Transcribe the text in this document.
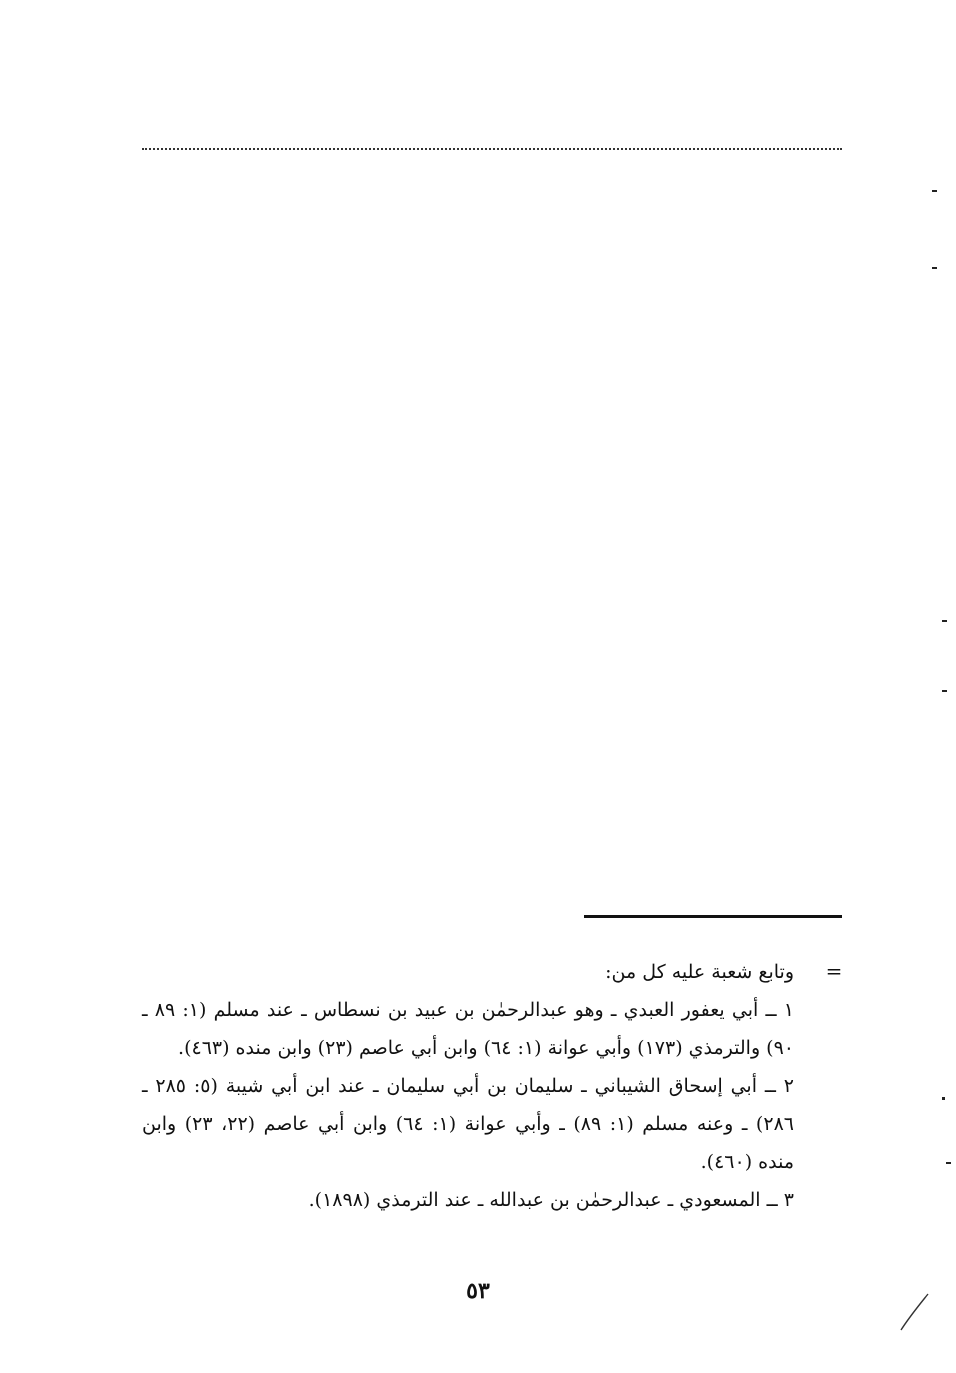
=

وتابع شعبة عليه كل من:

١ ــ أبي يعفور العبدي ـ وهو عبدالرحمٰن بن عبيد بن نسطاس ـ عند مسلم (١: ٨٩ ـ ٩٠) والترمذي (١٧٣) وأبي عوانة (١: ٦٤) وابن أبي عاصم (٢٣) وابن منده (٤٦٣).

٢ ــ أبي إسحاق الشيباني ـ سليمان بن أبي سليمان ـ عند ابن أبي شيبة (٥: ٢٨٥ ـ ٢٨٦) ـ وعنه مسلم (١: ٨٩) ـ وأبي عوانة (١: ٦٤) وابن أبي عاصم (٢٢، ٢٣) وابن منده (٤٦٠).

٣ ــ المسعودي ـ عبدالرحمٰن بن عبدالله ـ عند الترمذي (١٨٩٨).

٥٣
